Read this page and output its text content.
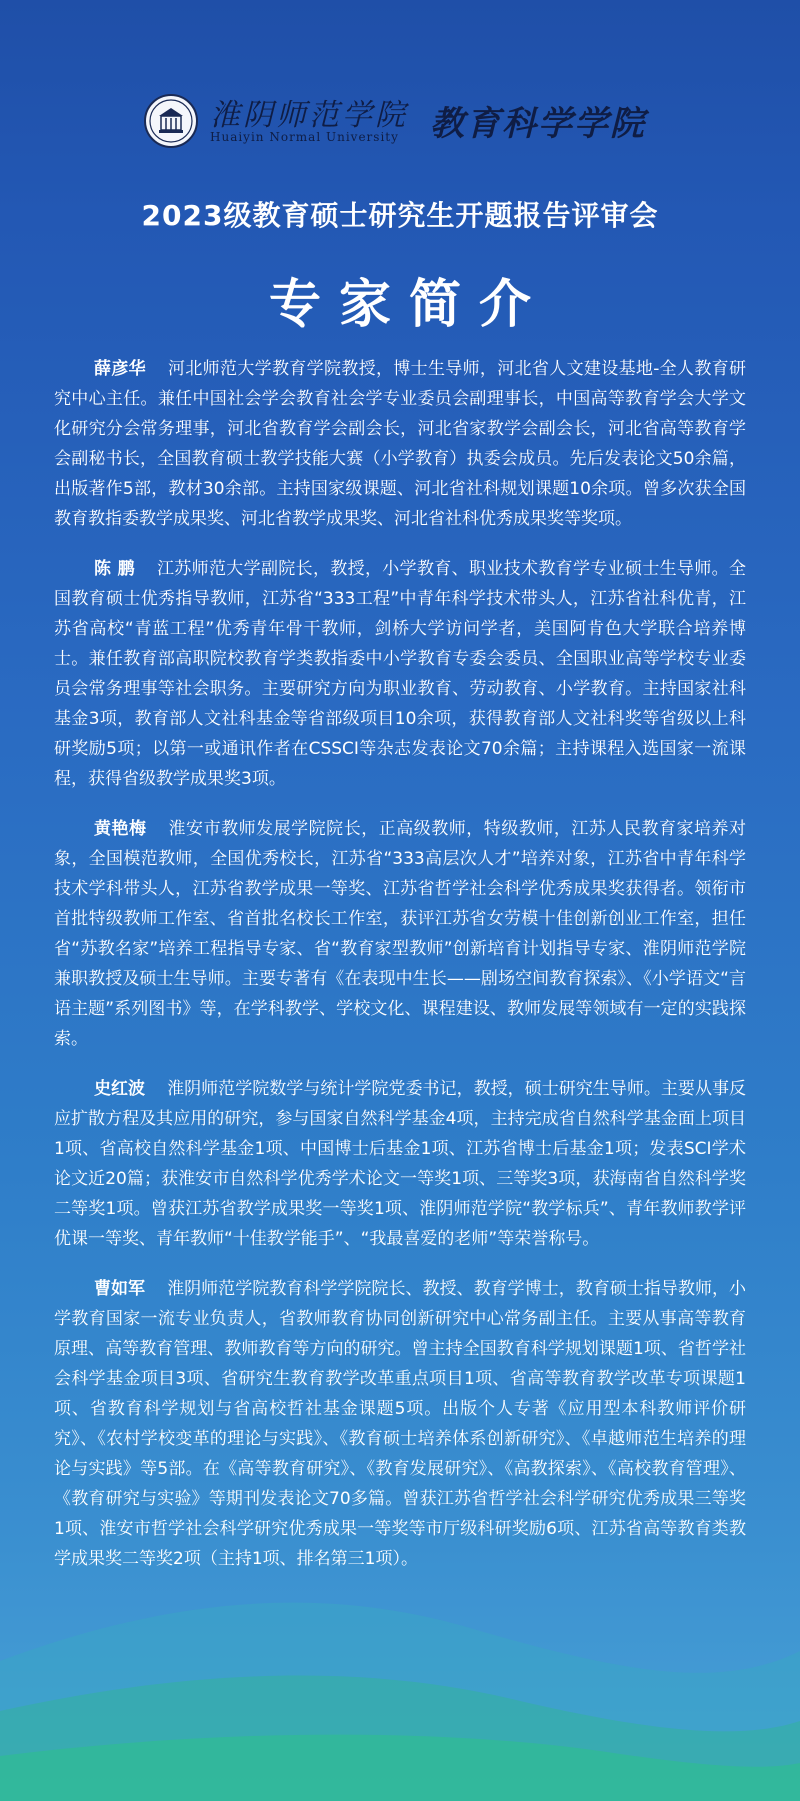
淮阴师范学院
Huaiyin Normal University 教育科学学院
2023级教育硕士研究生开题报告评审会
专家简介

薛彦华 河北师范大学教育学院教授，博士生导师，河北省人文建设基地-全人教育研究中心主任。兼任中国社会学会教育社会学专业委员会副理事长，中国高等教育学会大学文化研究分会常务理事，河北省教育学会副会长，河北省家教学会副会长，河北省高等教育学会副秘书长，全国教育硕士教学技能大赛（小学教育）执委会成员。先后发表论文50余篇，出版著作5部，教材30余部。主持国家级课题、河北省社科规划课题10余项。曾多次获全国教育教指委教学成果奖、河北省教学成果奖、河北省社科优秀成果奖等奖项。

陈 鹏 江苏师范大学副院长，教授，小学教育、职业技术教育学专业硕士生导师。全国教育硕士优秀指导教师，江苏省“333工程”中青年科学技术带头人，江苏省社科优青，江苏省高校“青蓝工程”优秀青年骨干教师，剑桥大学访问学者，美国阿肯色大学联合培养博士。兼任教育部高职院校教育学类教指委中小学教育专委会委员、全国职业高等学校专业委员会常务理事等社会职务。主要研究方向为职业教育、劳动教育、小学教育。主持国家社科基金3项，教育部人文社科基金等省部级项目10余项，获得教育部人文社科奖等省级以上科研奖励5项；以第一或通讯作者在CSSCI等杂志发表论文70余篇；主持课程入选国家一流课程，获得省级教学成果奖3项。

黄艳梅 淮安市教师发展学院院长，正高级教师，特级教师，江苏人民教育家培养对象，全国模范教师，全国优秀校长，江苏省“333高层次人才”培养对象，江苏省中青年科学技术学科带头人，江苏省教学成果一等奖、江苏省哲学社会科学优秀成果奖获得者。领衔市首批特级教师工作室、省首批名校长工作室，获评江苏省女劳模十佳创新创业工作室，担任省“苏教名家”培养工程指导专家、省“教育家型教师”创新培育计划指导专家、淮阴师范学院兼职教授及硕士生导师。主要专著有《在表现中生长——剧场空间教育探索》、《小学语文“言语主题”系列图书》等，在学科教学、学校文化、课程建设、教师发展等领域有一定的实践探索。

史红波 淮阴师范学院数学与统计学院党委书记，教授，硕士研究生导师。主要从事反应扩散方程及其应用的研究，参与国家自然科学基金4项，主持完成省自然科学基金面上项目1项、省高校自然科学基金1项、中国博士后基金1项、江苏省博士后基金1项；发表SCI学术论文近20篇；获淮安市自然科学优秀学术论文一等奖1项、三等奖3项，获海南省自然科学奖二等奖1项。曾获江苏省教学成果奖一等奖1项、淮阴师范学院“教学标兵”、青年教师教学评优课一等奖、青年教师“十佳教学能手”、“我最喜爱的老师”等荣誉称号。

曹如军 淮阴师范学院教育科学学院院长、教授、教育学博士，教育硕士指导教师，小学教育国家一流专业负责人，省教师教育协同创新研究中心常务副主任。主要从事高等教育原理、高等教育管理、教师教育等方向的研究。曾主持全国教育科学规划课题1项、省哲学社会科学基金项目3项、省研究生教育教学改革重点项目1项、省高等教育教学改革专项课题1项、省教育科学规划与省高校哲社基金课题5项。出版个人专著《应用型本科教师评价研究》、《农村学校变革的理论与实践》、《教育硕士培养体系创新研究》、《卓越师范生培养的理论与实践》等5部。在《高等教育研究》、《教育发展研究》、《高教探索》、《高校教育管理》、《教育研究与实验》等期刊发表论文70多篇。曾获江苏省哲学社会科学研究优秀成果三等奖1项、淮安市哲学社会科学研究优秀成果一等奖等市厅级科研奖励6项、江苏省高等教育类教学成果奖二等奖2项（主持1项、排名第三1项）。
